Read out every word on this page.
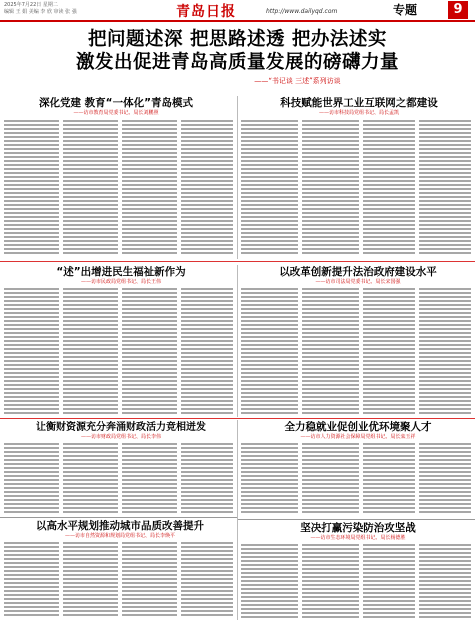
2025年7月22日 星期二
编辑 王 娟 美编 李 欣 审读 张 强	青岛日报	http://www.dailyqd.com	专题	9
把问题述深 把思路述透 把办法述实
激发出促进青岛高质量发展的磅礴力量
——“书记谈 三述”系列访谈
深化党建 教育“一体化”青岛模式
——访市教育局党委书记、局长刘鹏照
科技赋能世界工业互联网之都建设
——访市科技局党组书记、局长孟凯
“述”出增进民生福祉新作为
——访市民政局党组书记、局长王伟
以改革创新提升法治政府建设水平
——访市司法局党委书记、局长宋国强
让衡财资源充分奔涌财政活力竞相迸发
——访市财政局党组书记、局长李伟
全力稳就业促创业优环境聚人才
——访市人力资源社会保障局党组书记、局长栾玉祥
以高水平规划推动城市品质改善提升
——访市自然资源和规划局党组书记、局长李焕平
坚决打赢污染防治攻坚战
——访市生态环境局党组书记、局长杨德胜
